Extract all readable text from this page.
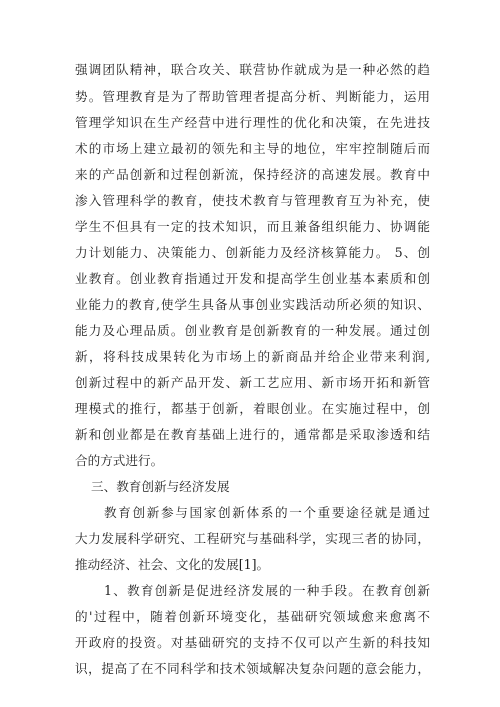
强调团队精神，联合攻关、联营协作就成为是一种必然的趋
势。管理教育是为了帮助管理者提高分析、判断能力，运用
管理学知识在生产经营中进行理性的优化和决策，在先进技
术的市场上建立最初的领先和主导的地位，牢牢控制随后而
来的产品创新和过程创新流，保持经济的高速发展。教育中
渗入管理科学的教育，使技术教育与管理教育互为补充，使
学生不但具有一定的技术知识，而且兼备组织能力、协调能
力计划能力、决策能力、创新能力及经济核算能力。 5、创
业教育。创业教育指通过开发和提高学生创业基本素质和创
业能力的教育,使学生具备从事创业实践活动所必须的知识、
能力及心理品质。创业教育是创新教育的一种发展。通过创
新，将科技成果转化为市场上的新商品并给企业带来利润,
创新过程中的新产品开发、新工艺应用、新市场开拓和新管
理模式的推行，都基于创新，着眼创业。在实施过程中，创
新和创业都是在教育基础上进行的，通常都是采取渗透和结
合的方式进行。
三、教育创新与经济发展
教育创新参与国家创新体系的一个重要途径就是通过
大力发展科学研究、工程研究与基础科学，实现三者的协同，
推动经济、社会、文化的发展[1]。
1、教育创新是促进经济发展的一种手段。在教育创新
的'过程中，随着创新环境变化，基础研究领域愈来愈离不
开政府的投资。对基础研究的支持不仅可以产生新的科技知
识，提高了在不同科学和技术领域解决复杂问题的意会能力，
